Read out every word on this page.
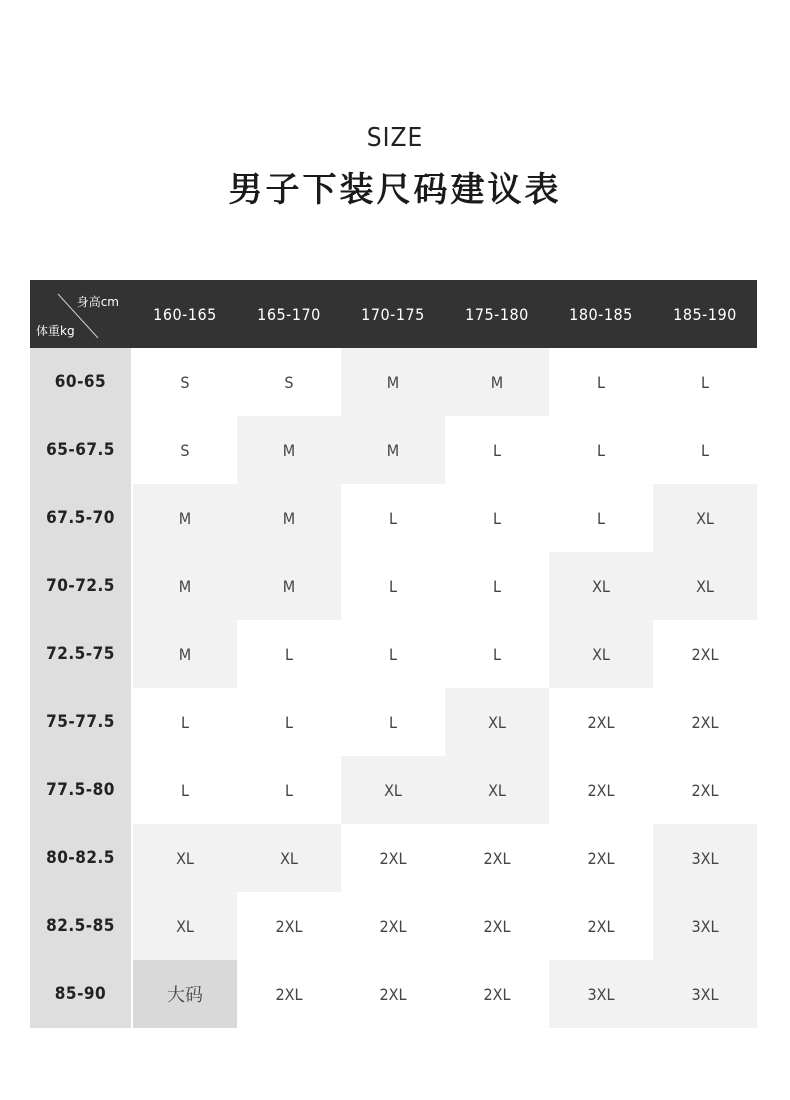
SIZE
男子下装尺码建议表
身高cm
体重kg
160-165	165-170	170-175	175-180	180-185	185-190
60-65	S	S	M	M	L	L
65-67.5	S	M	M	L	L	L
67.5-70	M	M	L	L	L	XL
70-72.5	M	M	L	L	XL	XL
72.5-75	M	L	L	L	XL	2XL
75-77.5	L	L	L	XL	2XL	2XL
77.5-80	L	L	XL	XL	2XL	2XL
80-82.5	XL	XL	2XL	2XL	2XL	3XL
82.5-85	XL	2XL	2XL	2XL	2XL	3XL
85-90	大码	2XL	2XL	2XL	3XL	3XL
